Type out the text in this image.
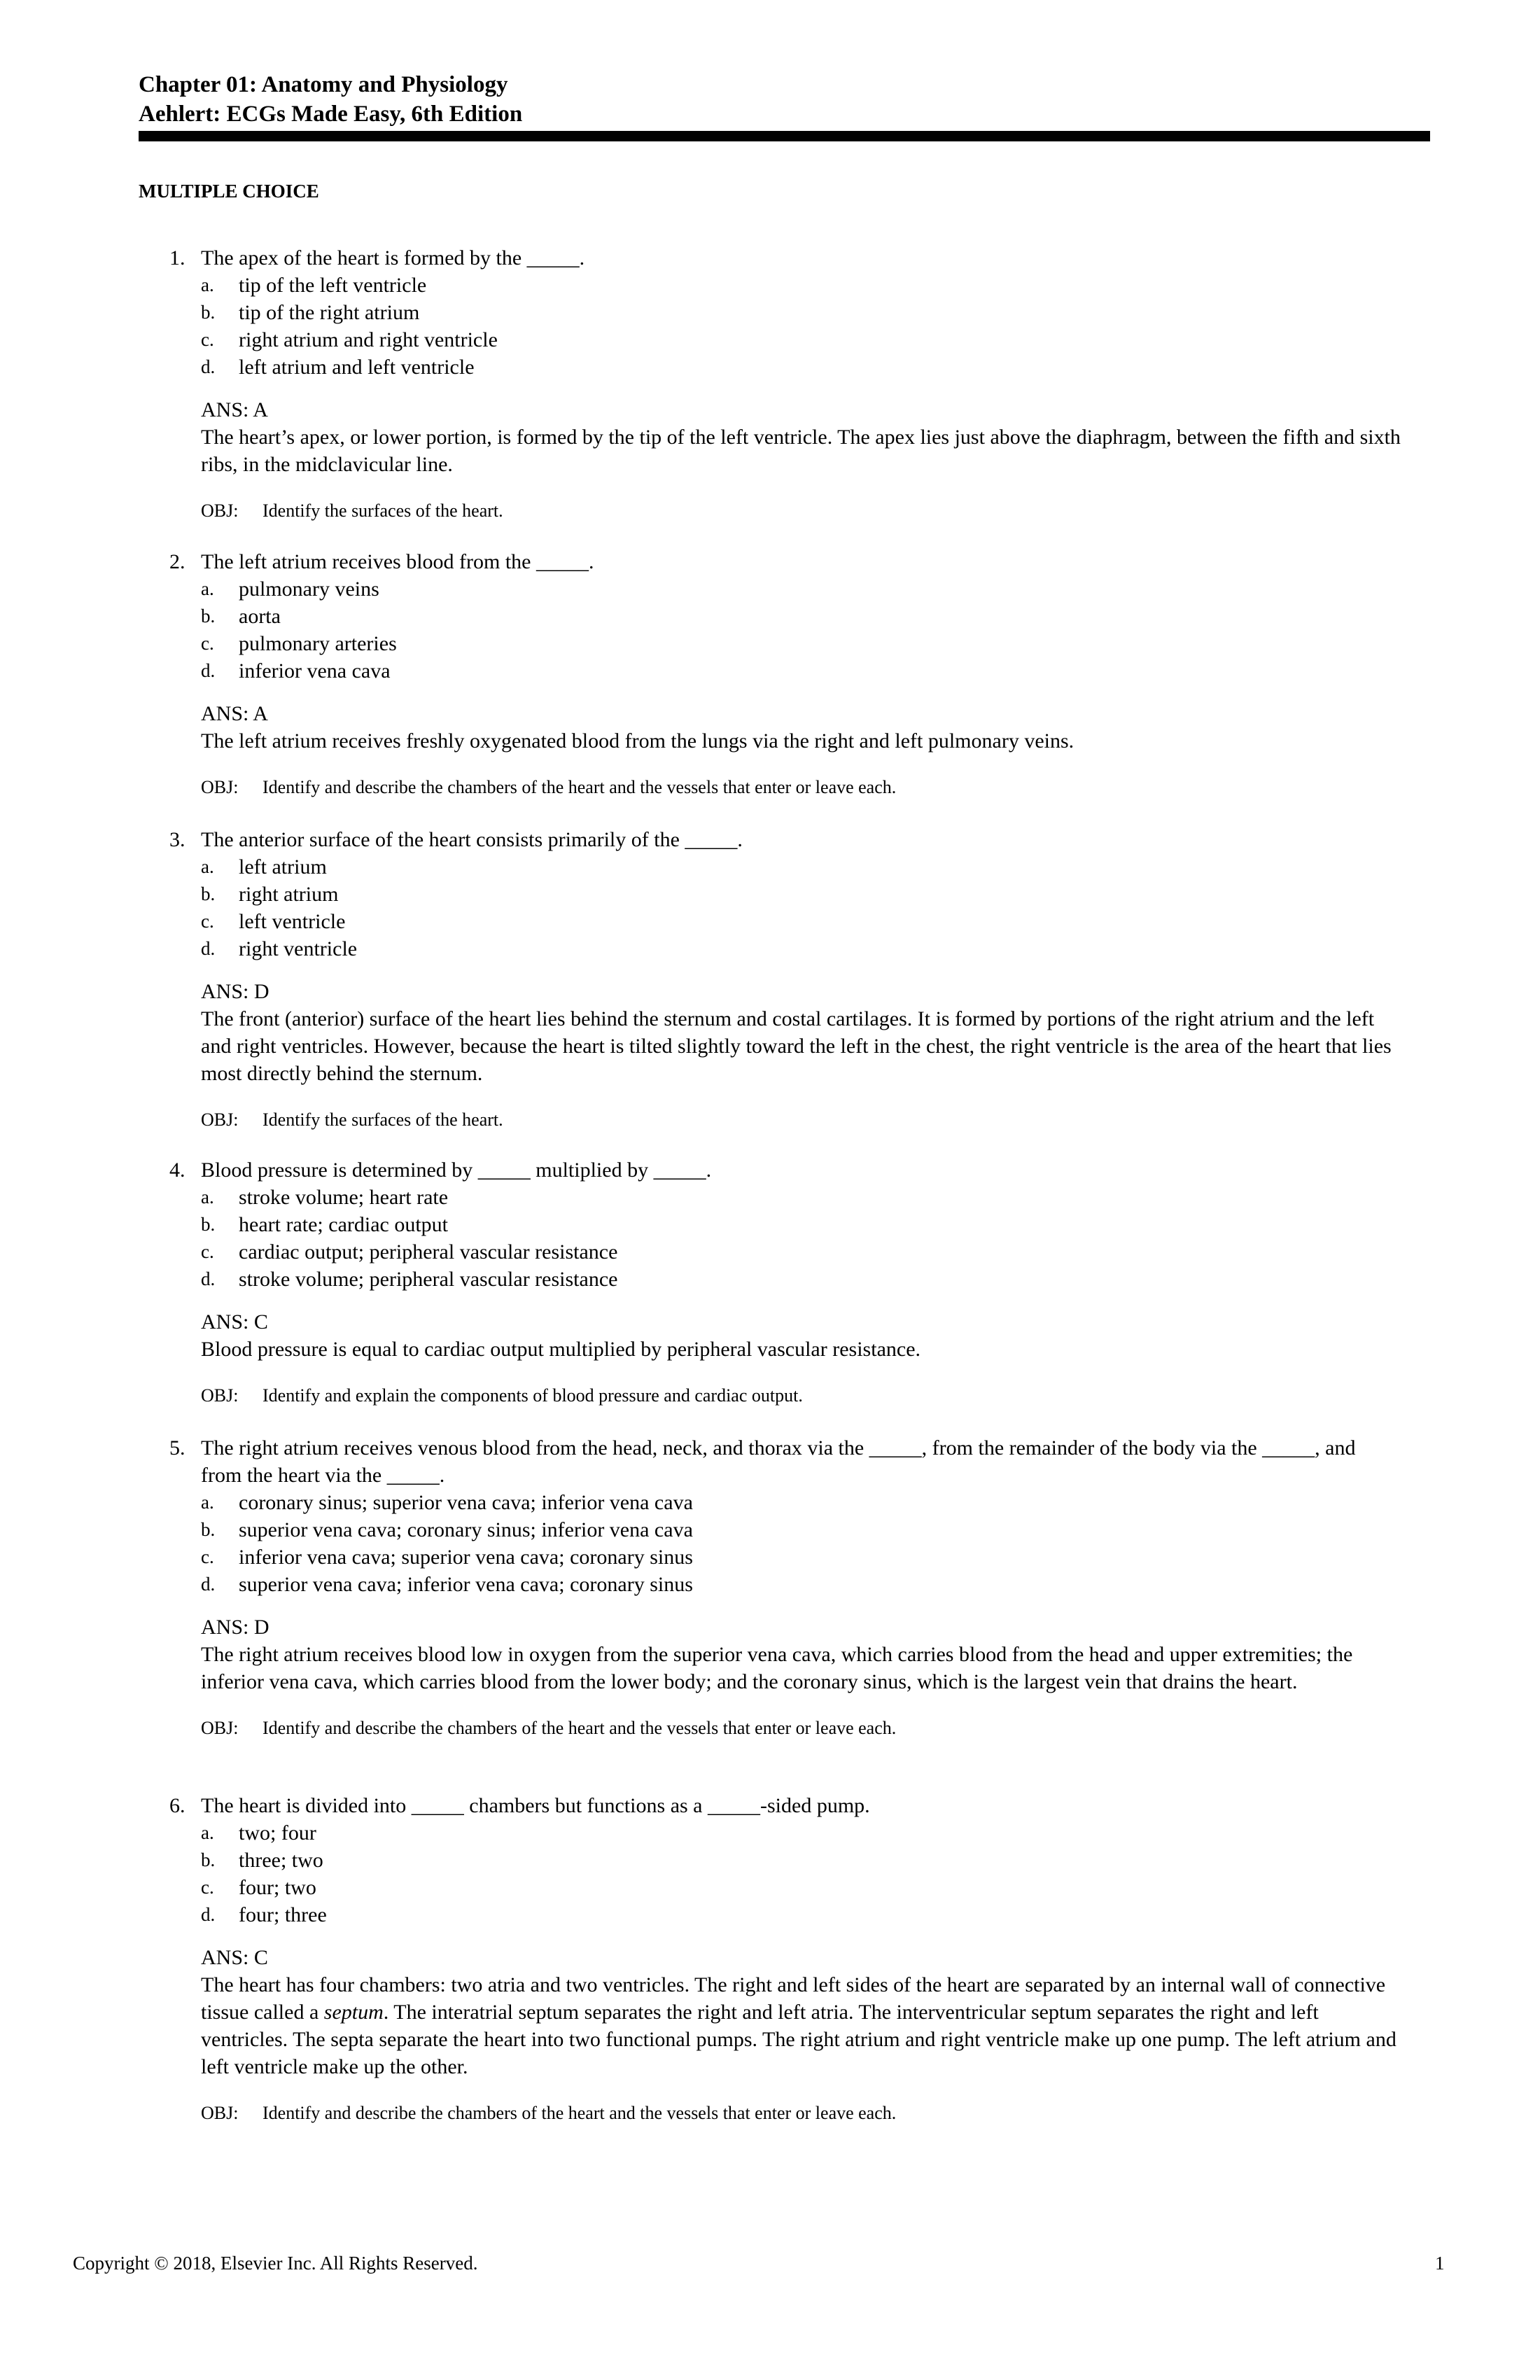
Chapter 01: Anatomy and Physiology
Aehlert: ECGs Made Easy, 6th Edition
MULTIPLE CHOICE
1. The apex of the heart is formed by the _____.
a.	tip of the left ventricle
b.	tip of the right atrium
c.	right atrium and right ventricle
d.	left atrium and left ventricle
ANS: A
The heart’s apex, or lower portion, is formed by the tip of the left ventricle. The apex lies just above the diaphragm, between the fifth and sixth ribs, in the midclavicular line.
OBJ: Identify the surfaces of the heart.
2. The left atrium receives blood from the _____.
a.	pulmonary veins
b.	aorta
c.	pulmonary arteries
d.	inferior vena cava
ANS: A
The left atrium receives freshly oxygenated blood from the lungs via the right and left pulmonary veins.
OBJ: Identify and describe the chambers of the heart and the vessels that enter or leave each.
3. The anterior surface of the heart consists primarily of the _____.
a.	left atrium
b.	right atrium
c.	left ventricle
d.	right ventricle
ANS: D
The front (anterior) surface of the heart lies behind the sternum and costal cartilages. It is formed by portions of the right atrium and the left and right ventricles. However, because the heart is tilted slightly toward the left in the chest, the right ventricle is the area of the heart that lies most directly behind the sternum.
OBJ: Identify the surfaces of the heart.
4. Blood pressure is determined by _____ multiplied by _____.
a.	stroke volume; heart rate
b.	heart rate; cardiac output
c.	cardiac output; peripheral vascular resistance
d.	stroke volume; peripheral vascular resistance
ANS: C
Blood pressure is equal to cardiac output multiplied by peripheral vascular resistance.
OBJ: Identify and explain the components of blood pressure and cardiac output.
5. The right atrium receives venous blood from the head, neck, and thorax via the _____, from the remainder of the body via the _____, and from the heart via the _____.
a.	coronary sinus; superior vena cava; inferior vena cava
b.	superior vena cava; coronary sinus; inferior vena cava
c.	inferior vena cava; superior vena cava; coronary sinus
d.	superior vena cava; inferior vena cava; coronary sinus
ANS: D
The right atrium receives blood low in oxygen from the superior vena cava, which carries blood from the head and upper extremities; the inferior vena cava, which carries blood from the lower body; and the coronary sinus, which is the largest vein that drains the heart.
OBJ: Identify and describe the chambers of the heart and the vessels that enter or leave each.
6. The heart is divided into _____ chambers but functions as a _____-sided pump.
a.	two; four
b.	three; two
c.	four; two
d.	four; three
ANS: C
The heart has four chambers: two atria and two ventricles. The right and left sides of the heart are separated by an internal wall of connective tissue called a septum. The interatrial septum separates the right and left atria. The interventricular septum separates the right and left ventricles. The septa separate the heart into two functional pumps. The right atrium and right ventricle make up one pump. The left atrium and left ventricle make up the other.
OBJ: Identify and describe the chambers of the heart and the vessels that enter or leave each.
Copyright © 2018, Elsevier Inc. All Rights Reserved.	1
